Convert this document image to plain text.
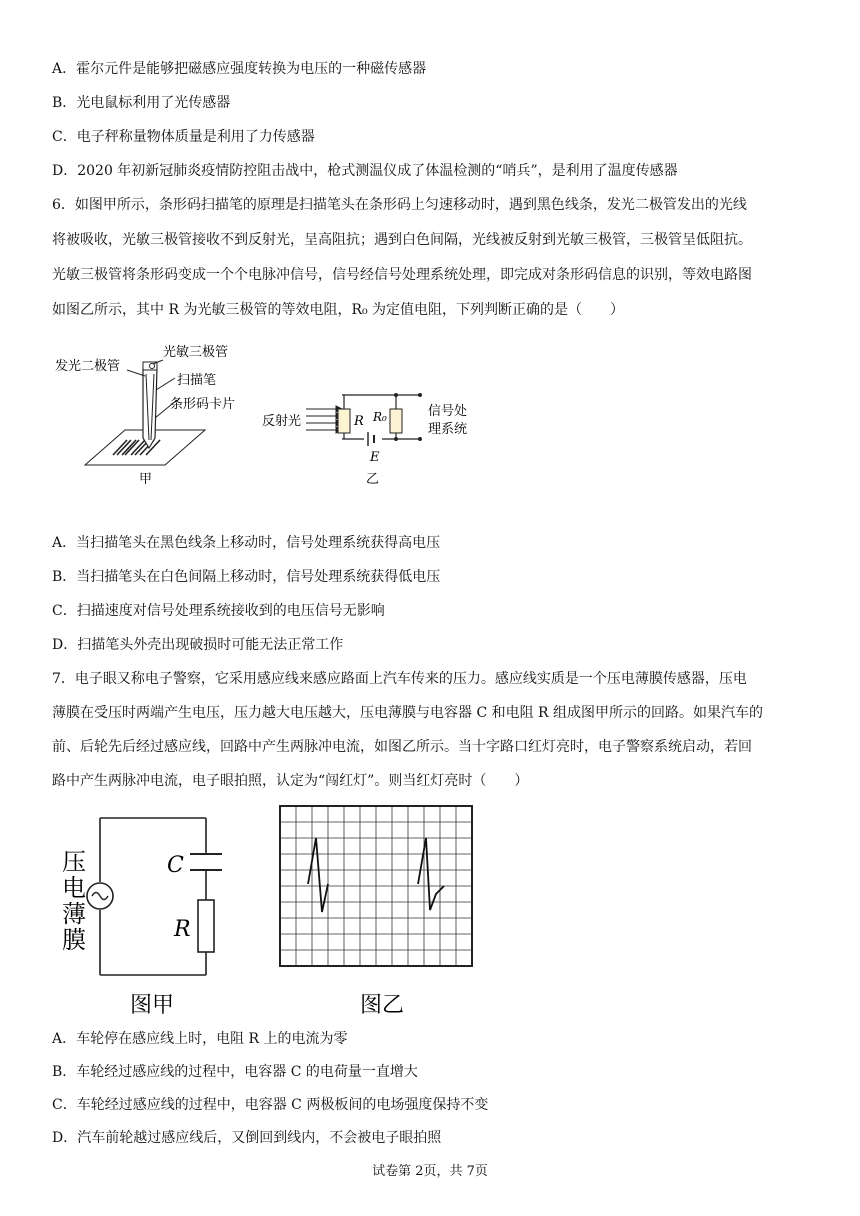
A．霍尔元件是能够把磁感应强度转换为电压的一种磁传感器
B．光电鼠标利用了光传感器
C．电子秤称量物体质量是利用了力传感器
D．2020 年初新冠肺炎疫情防控阻击战中，枪式测温仪成了体温检测的“哨兵”，是利用了温度传感器
6．如图甲所示，条形码扫描笔的原理是扫描笔头在条形码上匀速移动时，遇到黑色线条，发光二极管发出的光线
将被吸收，光敏三极管接收不到反射光，呈高阻抗；遇到白色间隔，光线被反射到光敏三极管，三极管呈低阻抗。
光敏三极管将条形码变成一个个电脉冲信号，信号经信号处理系统处理，即完成对条形码信息的识别，等效电路图
如图乙所示，其中 R 为光敏三极管的等效电阻，R₀ 为定值电阻，下列判断正确的是（　　）
发光二极管
光敏三极管
扫描笔
条形码卡片
甲
反射光	R R₀
E
信号处
理系统
乙
A．当扫描笔头在黑色线条上移动时，信号处理系统获得高电压
B．当扫描笔头在白色间隔上移动时，信号处理系统获得低电压
C．扫描速度对信号处理系统接收到的电压信号无影响
D．扫描笔头外壳出现破损时可能无法正常工作
7．电子眼又称电子警察，它采用感应线来感应路面上汽车传来的压力。感应线实质是一个压电薄膜传感器，压电
薄膜在受压时两端产生电压，压力越大电压越大，压电薄膜与电容器 C 和电阻 R 组成图甲所示的回路。如果汽车的
前、后轮先后经过感应线，回路中产生两脉冲电流，如图乙所示。当十字路口红灯亮时，电子警察系统启动，若回
路中产生两脉冲电流，电子眼拍照，认定为“闯红灯”。则当红灯亮时（　　）
C
R
压
电
薄
膜
图甲	图乙
A．车轮停在感应线上时，电阻 R 上的电流为零
B．车轮经过感应线的过程中，电容器 C 的电荷量一直增大
C．车轮经过感应线的过程中，电容器 C 两极板间的电场强度保持不变
D．汽车前轮越过感应线后，又倒回到线内，不会被电子眼拍照
试卷第 2页，共 7页
